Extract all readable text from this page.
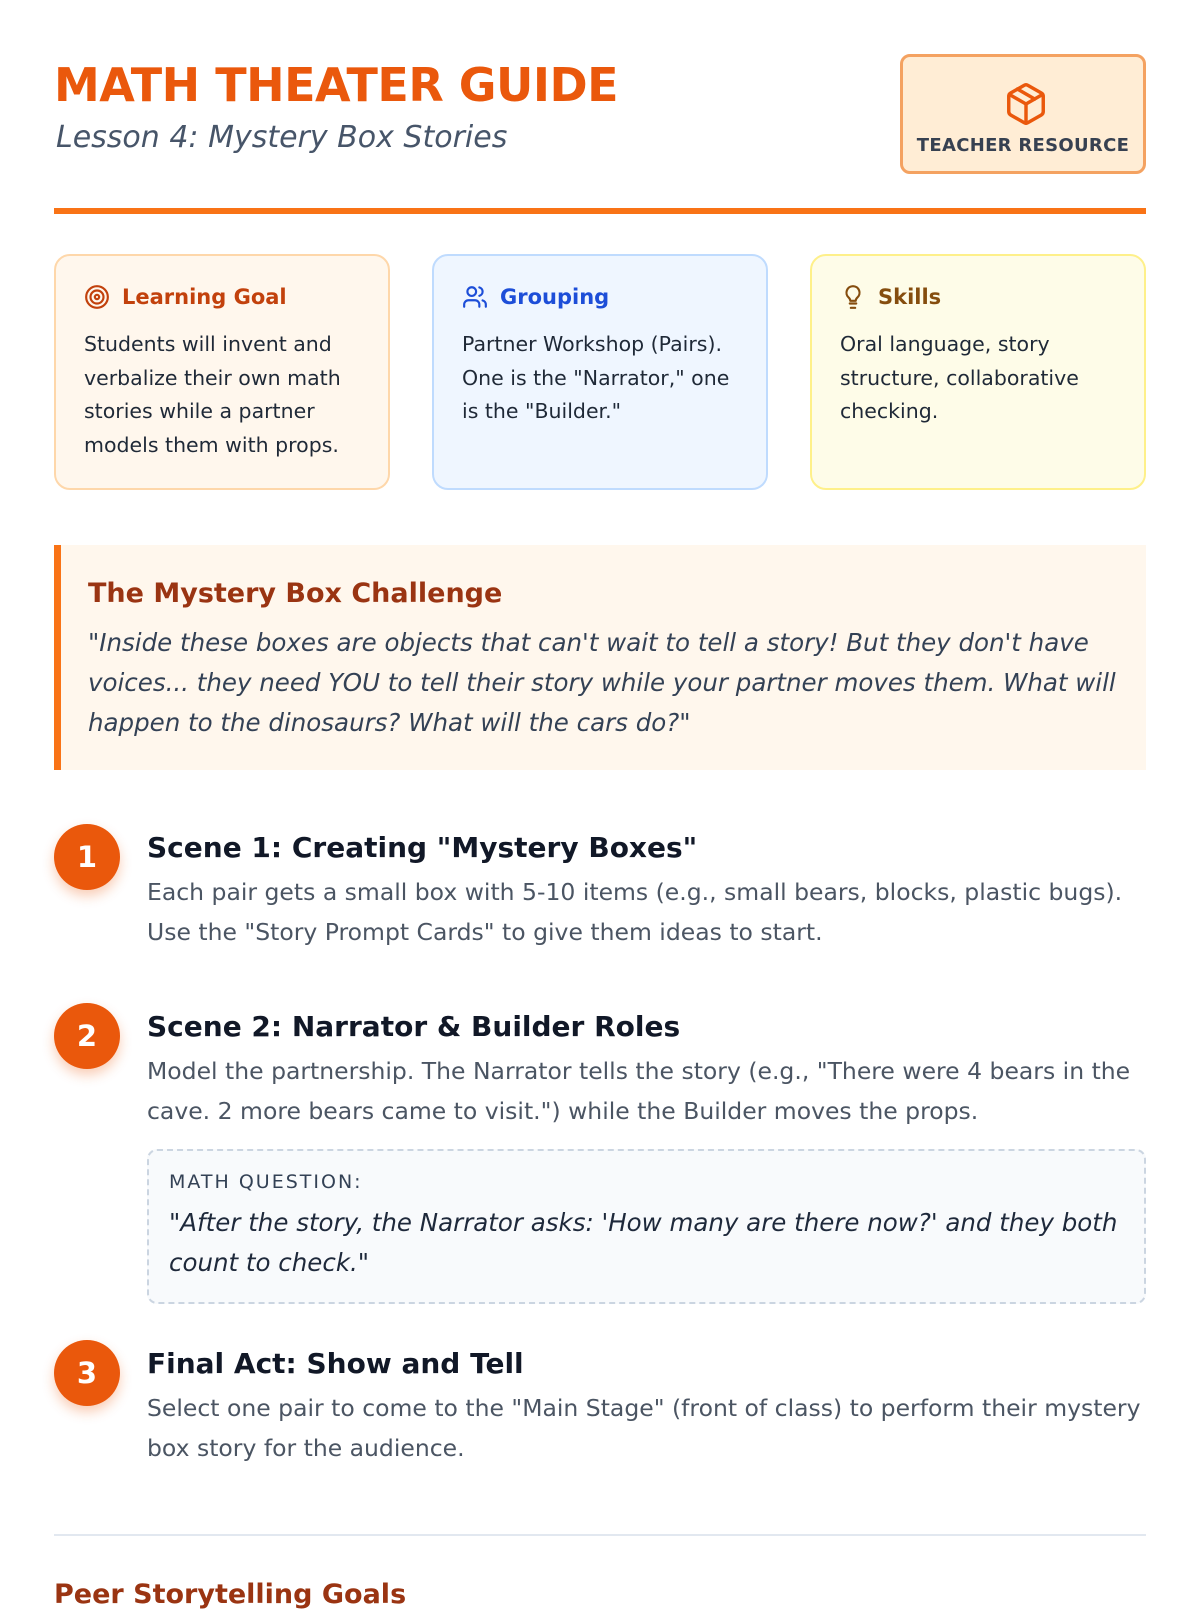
MATH THEATER GUIDE
Lesson 4: Mystery Box Stories	TEACHER RESOURCE
Learning Goal
Students will invent and verbalize their own math stories while a partner models them with props.
Grouping
Partner Workshop (Pairs). One is the "Narrator," one is the "Builder."
Skills
Oral language, story structure, collaborative checking.
The Mystery Box Challenge
"Inside these boxes are objects that can't wait to tell a story! But they don't have voices... they need YOU to tell their story while your partner moves them. What will happen to the dinosaurs? What will the cars do?"
1	Scene 1: Creating "Mystery Boxes"
Each pair gets a small box with 5-10 items (e.g., small bears, blocks, plastic bugs). Use the "Story Prompt Cards" to give them ideas to start.
2	Scene 2: Narrator & Builder Roles
Model the partnership. The Narrator tells the story (e.g., "There were 4 bears in the cave. 2 more bears came to visit.") while the Builder moves the props.
MATH QUESTION:
"After the story, the Narrator asks: 'How many are there now?' and they both count to check."
3	Final Act: Show and Tell
Select one pair to come to the "Main Stage" (front of class) to perform their mystery box story for the audience.
Peer Storytelling Goals
